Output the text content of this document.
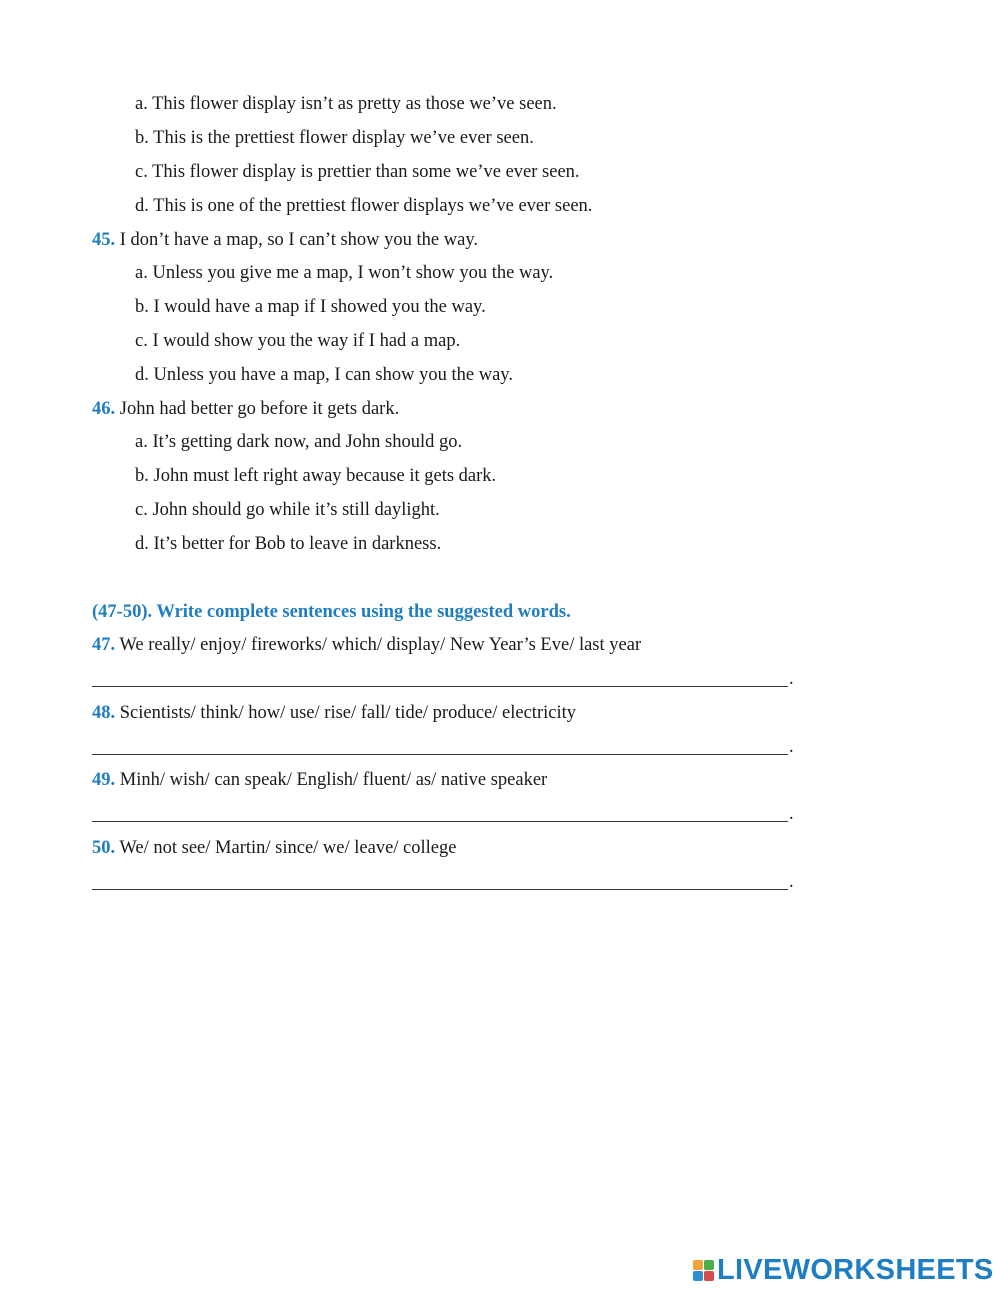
a. This flower display isn’t as pretty as those we’ve seen.
b. This is the prettiest flower display we’ve ever seen.
c. This flower display is prettier than some we’ve ever seen.
d. This is one of the prettiest flower displays we’ve ever seen.
45. I don’t have a map, so I can’t show you the way.
a. Unless you give me a map, I won’t show you the way.
b. I would have a map if I showed you the way.
c. I would show you the way if I had a map.
d. Unless you have a map, I can show you the way.
46. John had better go before it gets dark.
a. It’s getting dark now, and John should go.
b. John must left right away because it gets dark.
c. John should go while it’s still daylight.
d. It’s better for Bob to leave in darkness.
(47-50). Write complete sentences using the suggested words.
47. We really/ enjoy/ fireworks/ which/ display/ New Year’s Eve/ last year
.
48. Scientists/ think/ how/ use/ rise/ fall/ tide/ produce/ electricity
.
49. Minh/ wish/ can speak/ English/ fluent/ as/ native speaker
.
50. We/ not see/ Martin/ since/ we/ leave/ college
.
LIVEWORKSHEETS
